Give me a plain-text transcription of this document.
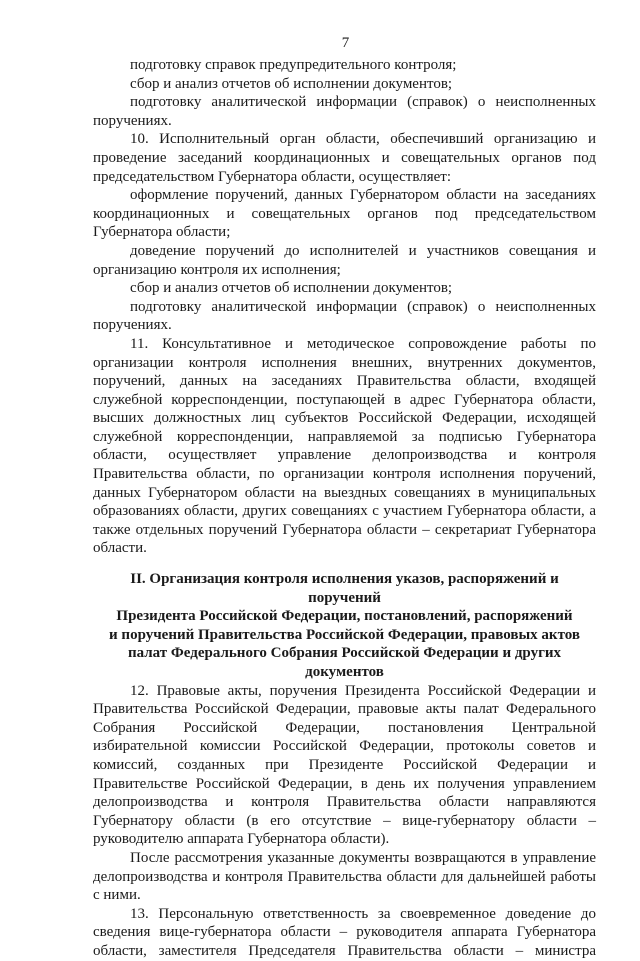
7

подготовку справок предупредительного контроля;

сбор и анализ отчетов об исполнении документов;

подготовку аналитической информации (справок) о неисполненных поручениях.

10. Исполнительный орган области, обеспечивший организацию и проведение заседаний координационных и совещательных органов под председательством Губернатора области, осуществляет:

оформление поручений, данных Губернатором области на заседаниях координационных и совещательных органов под председательством Губернатора области;

доведение поручений до исполнителей и участников совещания и организацию контроля их исполнения;

сбор и анализ отчетов об исполнении документов;

подготовку аналитической информации (справок) о неисполненных поручениях.

11. Консультативное и методическое сопровождение работы по организации контроля исполнения внешних, внутренних документов, поручений, данных на заседаниях Правительства области, входящей служебной корреспонденции, поступающей в адрес Губернатора области, высших должностных лиц субъектов Российской Федерации, исходящей служебной корреспонденции, направляемой за подписью Губернатора области, осуществляет управление делопроизводства и контроля Правительства области, по организации контроля исполнения поручений, данных Губернатором области на выездных совещаниях в муниципальных образованиях области, других совещаниях с участием Губернатора области, а также отдельных поручений Губернатора области – секретариат Губернатора области.

II. Организация контроля исполнения указов, распоряжений и поручений
Президента Российской Федерации, постановлений, распоряжений
и поручений Правительства Российской Федерации, правовых актов
палат Федерального Собрания Российской Федерации и других документов

12. Правовые акты, поручения Президента Российской Федерации и Правительства Российской Федерации, правовые акты палат Федерального Собрания Российской Федерации, постановления Центральной избирательной комиссии Российской Федерации, протоколы советов и комиссий, созданных при Президенте Российской Федерации и Правительстве Российской Федерации, в день их получения управлением делопроизводства и контроля Правительства области направляются Губернатору области (в его отсутствие – вице-губернатору области – руководителю аппарата Губернатора области).

После рассмотрения указанные документы возвращаются в управление делопроизводства и контроля Правительства области для дальнейшей работы с ними.

13. Персональную ответственность за своевременное доведение до сведения вице-губернатора области – руководителя аппарата Губернатора области, заместителя Председателя Правительства области – министра
